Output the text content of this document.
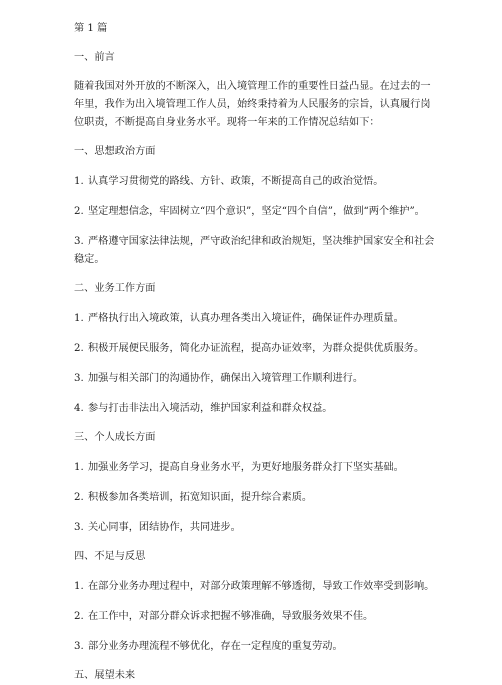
第 1 篇

一、前言

随着我国对外开放的不断深入，出入境管理工作的重要性日益凸显。在过去的一年里，我作为出入境管理工作人员，始终秉持着为人民服务的宗旨，认真履行岗位职责，不断提高自身业务水平。现将一年来的工作情况总结如下：

一、思想政治方面

1. 认真学习贯彻党的路线、方针、政策，不断提高自己的政治觉悟。

2. 坚定理想信念，牢固树立“四个意识”，坚定“四个自信”，做到“两个维护”。

3. 严格遵守国家法律法规，严守政治纪律和政治规矩，坚决维护国家安全和社会稳定。

二、业务工作方面

1. 严格执行出入境政策，认真办理各类出入境证件，确保证件办理质量。

2. 积极开展便民服务，简化办证流程，提高办证效率，为群众提供优质服务。

3. 加强与相关部门的沟通协作，确保出入境管理工作顺利进行。

4. 参与打击非法出入境活动，维护国家利益和群众权益。

三、个人成长方面

1. 加强业务学习，提高自身业务水平，为更好地服务群众打下坚实基础。

2. 积极参加各类培训，拓宽知识面，提升综合素质。

3. 关心同事，团结协作，共同进步。

四、不足与反思

1. 在部分业务办理过程中，对部分政策理解不够透彻，导致工作效率受到影响。

2. 在工作中，对部分群众诉求把握不够准确，导致服务效果不佳。

3. 部分业务办理流程不够优化，存在一定程度的重复劳动。

五、展望未来
